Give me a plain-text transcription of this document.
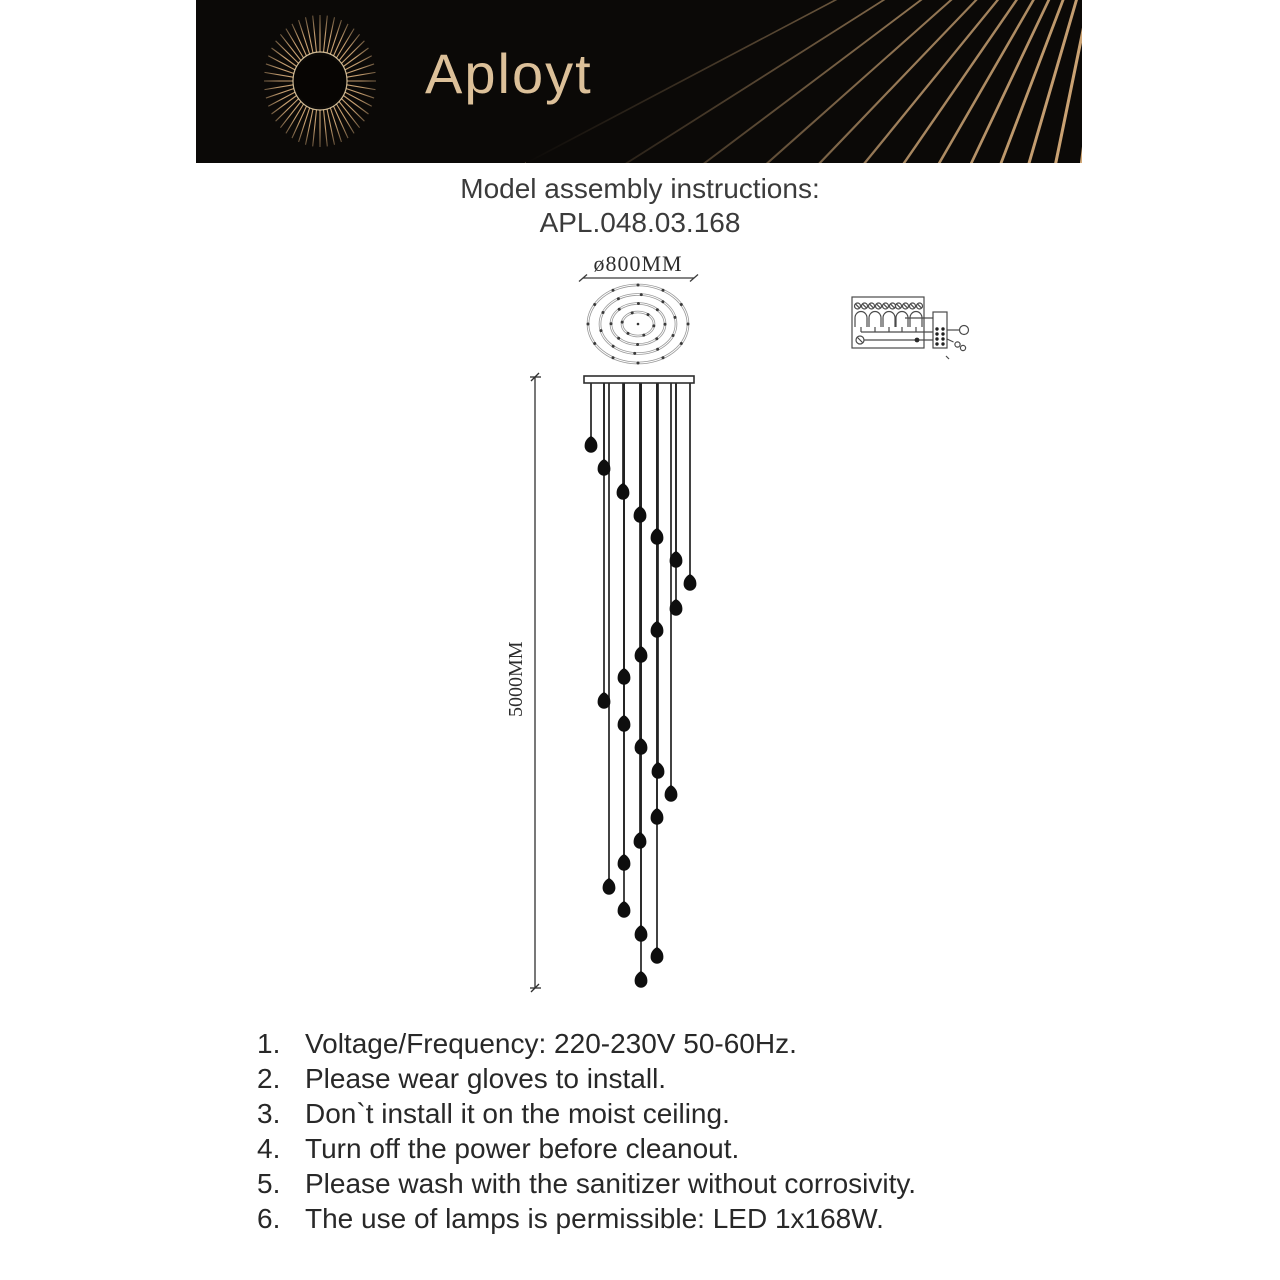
Aployt
Model assembly instructions:
APL.048.03.168
ø800MM
5000MM
1. Voltage/Frequency: 220-230V 50-60Hz.
2. Please wear gloves to install.
3. Don`t install it on the moist ceiling.
4. Turn off the power before cleanout.
5. Please wash with the sanitizer without corrosivity.
6. The use of lamps is permissible: LED 1x168W.
